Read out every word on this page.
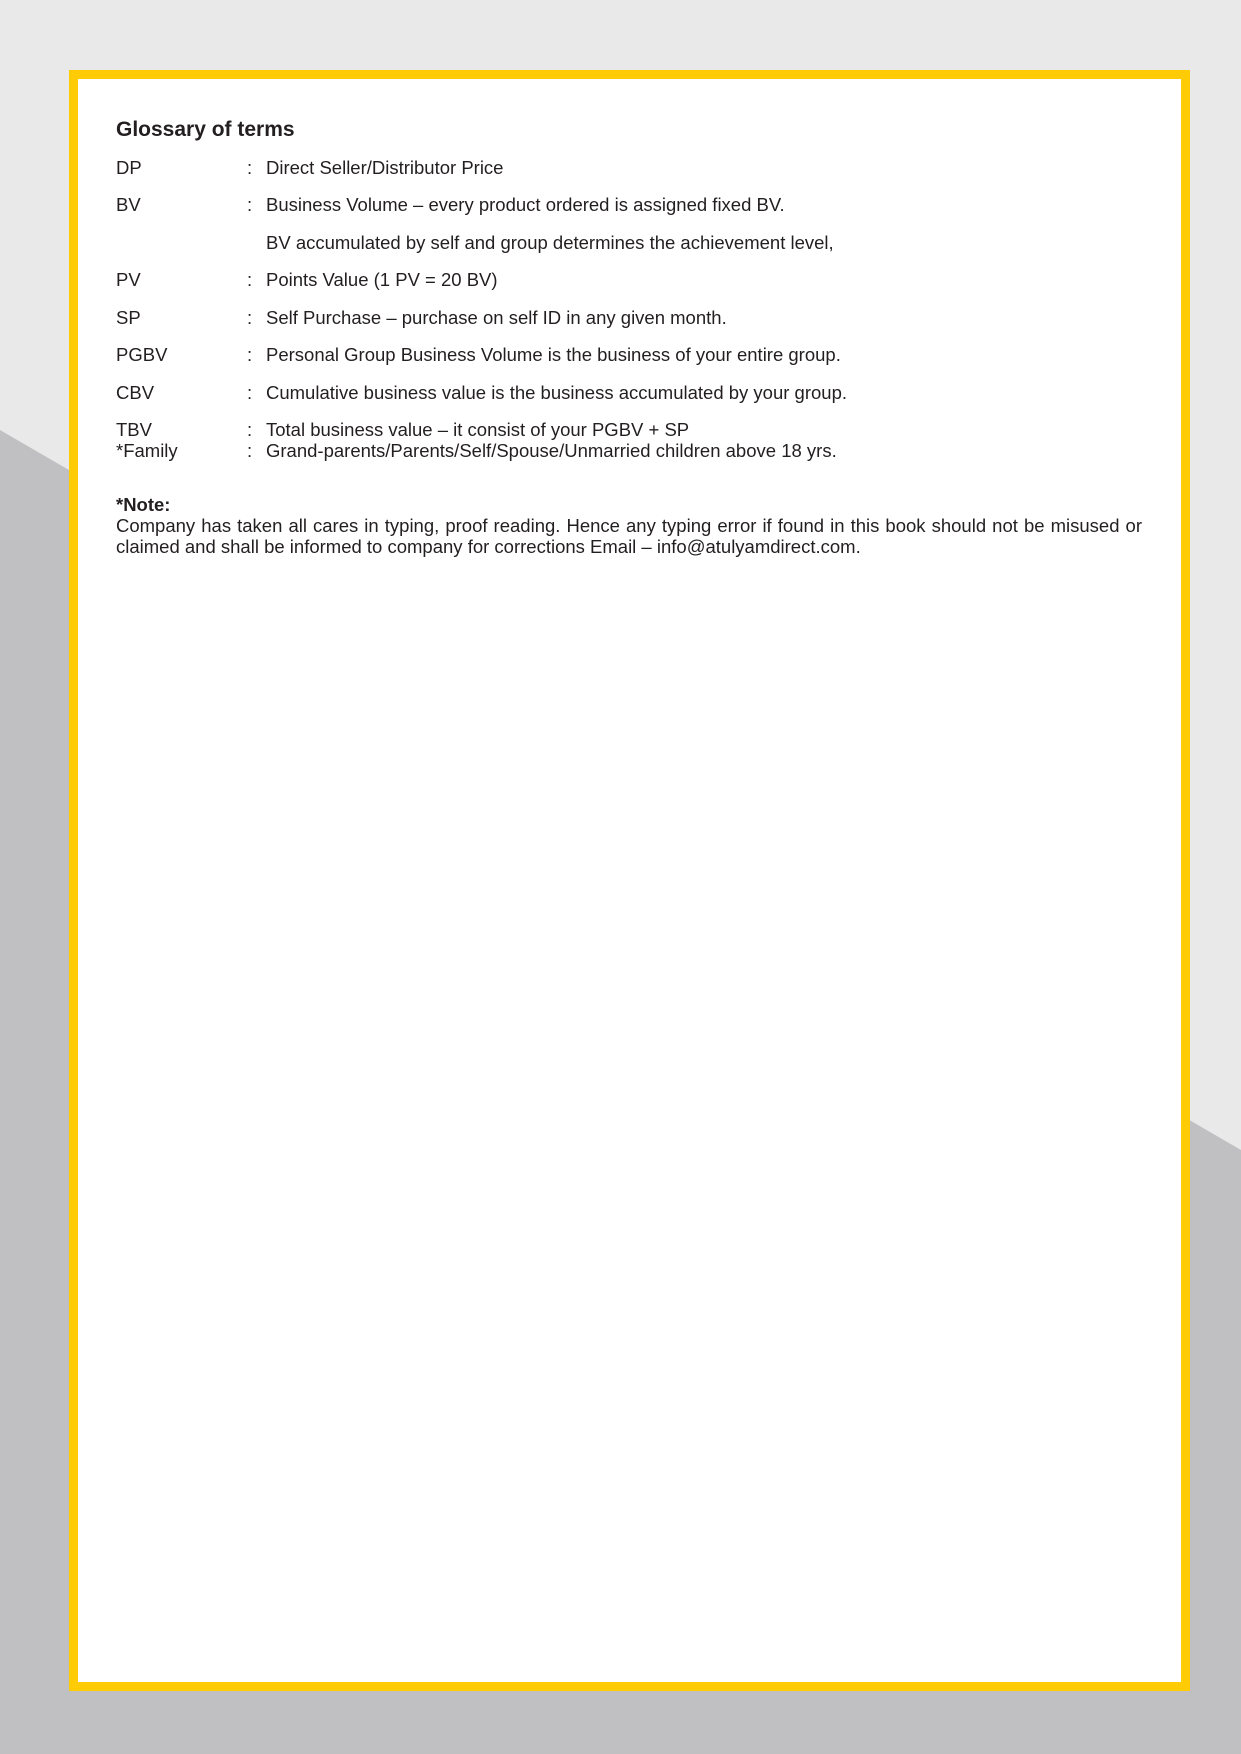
Glossary of terms
DP	: Direct Seller/Distributor Price
BV	: Business Volume – every product ordered is assigned fixed BV.
BV accumulated by self and group determines the achievement level,
PV	: Points Value (1 PV = 20 BV)
SP	: Self Purchase – purchase on self ID in any given month.
PGBV	: Personal Group Business Volume is the business of your entire group.
CBV	: Cumulative business value is the business accumulated by your group.
TBV	: Total business value – it consist of your PGBV + SP
*Family	: Grand-parents/Parents/Self/Spouse/Unmarried children above 18 yrs.
*Note:
Company has taken all cares in typing, proof reading. Hence any typing error if found in this book should not be misused or claimed and shall be informed to company for corrections Email – info@atulyamdirect.com.
